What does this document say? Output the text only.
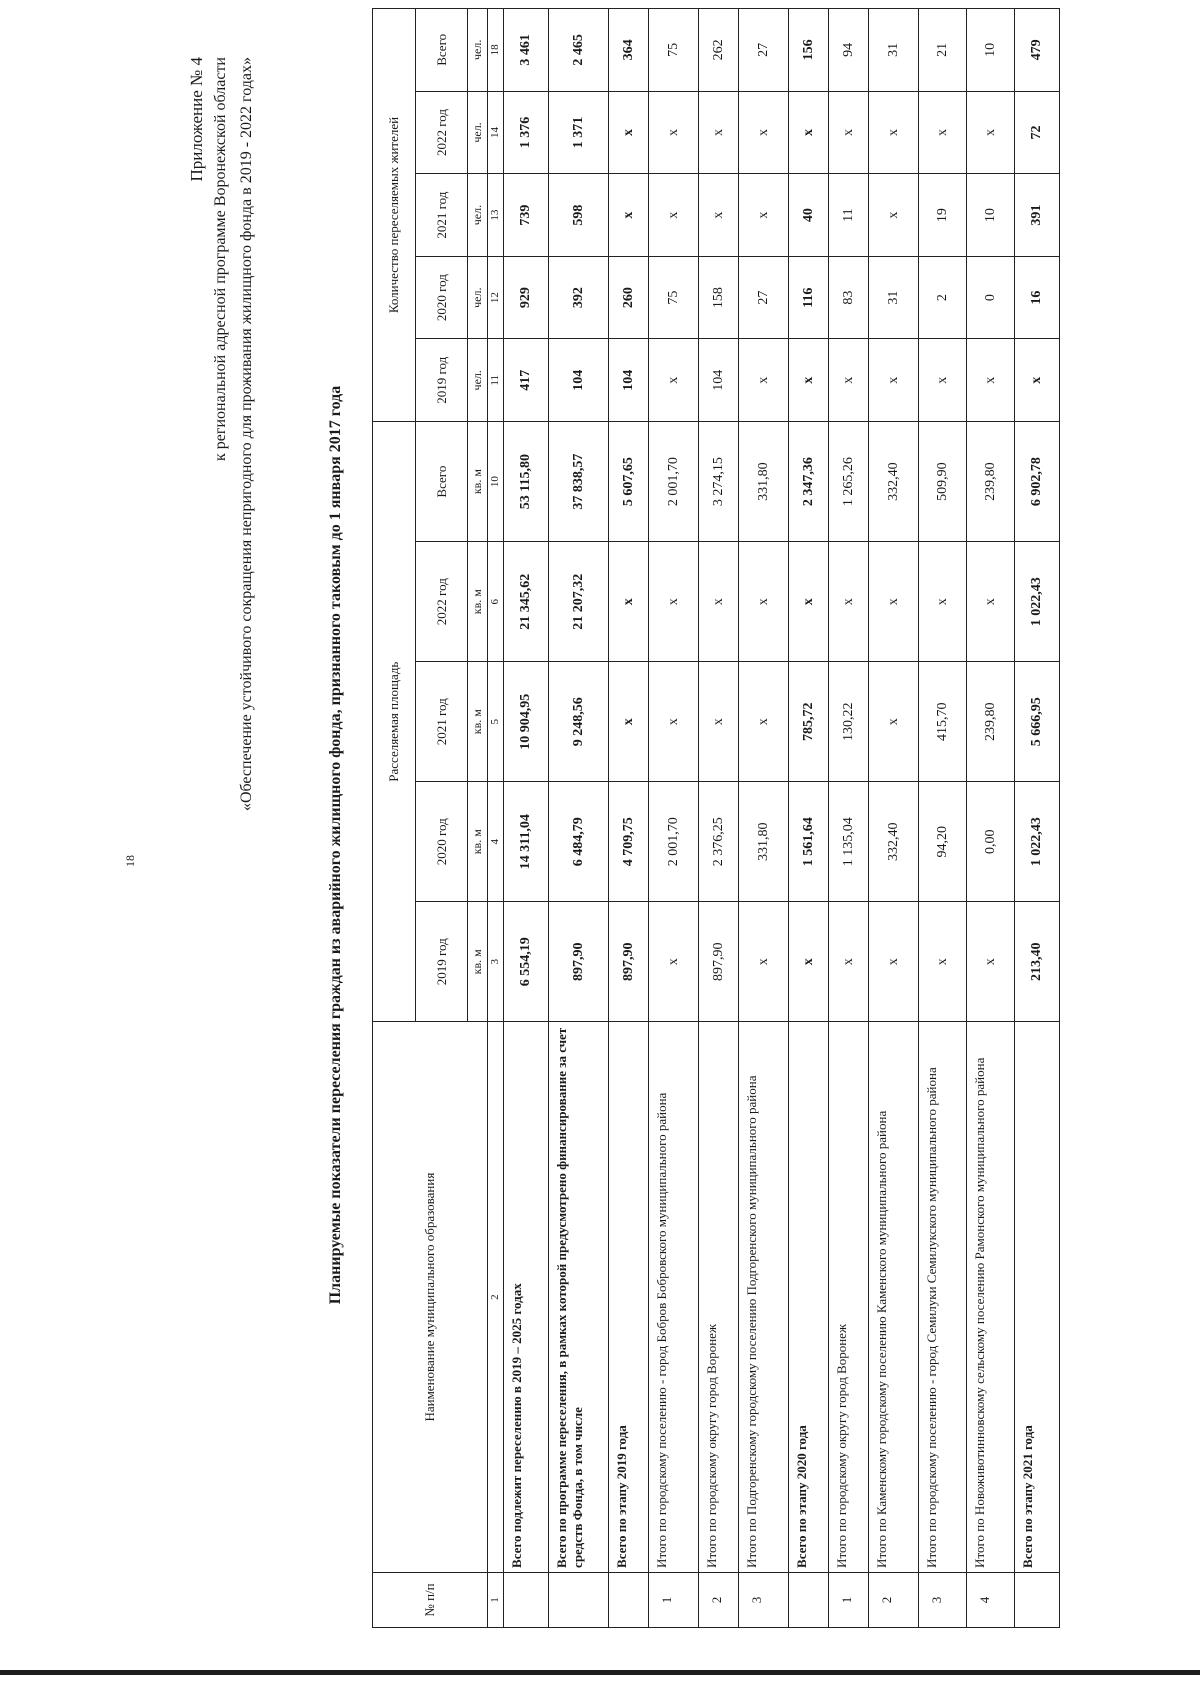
18
Приложение № 4 к региональной адресной программе Воронежской области «Обеспечение устойчивого сокращения непригодного для проживания жилищного фонда в 2019 - 2022 годах»	Планируемые показатели переселения граждан из аварийного жилищного фонда, признанного таковым до 1 января 2017 года
№ п/п	Наименование муниципального образования	Расселяемая площадь					Количество переселяемых жителей				
		2019 год	2020 год	2021 год	2022 год	Всего	2019 год	2020 год	2021 год	2022 год	Всего
		кв. м	кв. м	кв. м	кв. м	кв. м	чел.	чел.	чел.	чел.	чел.
1	2	3	4	5	6	10	11	12	13	14	18
	Всего подлежит переселению в 2019 – 2025 годах	6 554,19	14 311,04	10 904,95	21 345,62	53 115,80	417	929	739	1 376	3 461
	Всего по программе переселения, в рамках которой предусмотрено финансирование за счет средств Фонда, в том числе	897,90	6 484,79	9 248,56	21 207,32	37 838,57	104	392	598	1 371	2 465
	Всего по этапу 2019 года	897,90	4 709,75	x	x	5 607,65	104	260	x	x	364
1	Итого по городскому поселению - город Бобров Бобровского муниципального района	x	2 001,70	x	x	2 001,70	x	75	x	x	75
2	Итого по городскому округу город Воронеж	897,90	2 376,25	x	x	3 274,15	104	158	x	x	262
3	Итого по Подгоренскому городскому поселению Подгоренского муниципального района	x	331,80	x	x	331,80	x	27	x	x	27
	Всего по этапу 2020 года	x	1 561,64	785,72	x	2 347,36	x	116	40	x	156
1	Итого по городскому округу город Воронеж	x	1 135,04	130,22	x	1 265,26	x	83	11	x	94
2	Итого по Каменскому городскому поселению Каменского муниципального района	x	332,40	x	x	332,40	x	31	x	x	31
3	Итого по городскому поселению - город Семилуки Семилукского муниципального района	x	94,20	415,70	x	509,90	x	2	19	x	21
4	Итого по Новоживотинновскому сельскому поселению Рамонского муниципального района	x	0,00	239,80	x	239,80	x	0	10	x	10
	Всего по этапу 2021 года	213,40	1 022,43	5 666,95	1 022,43	6 902,78	x	16	391	72	479
